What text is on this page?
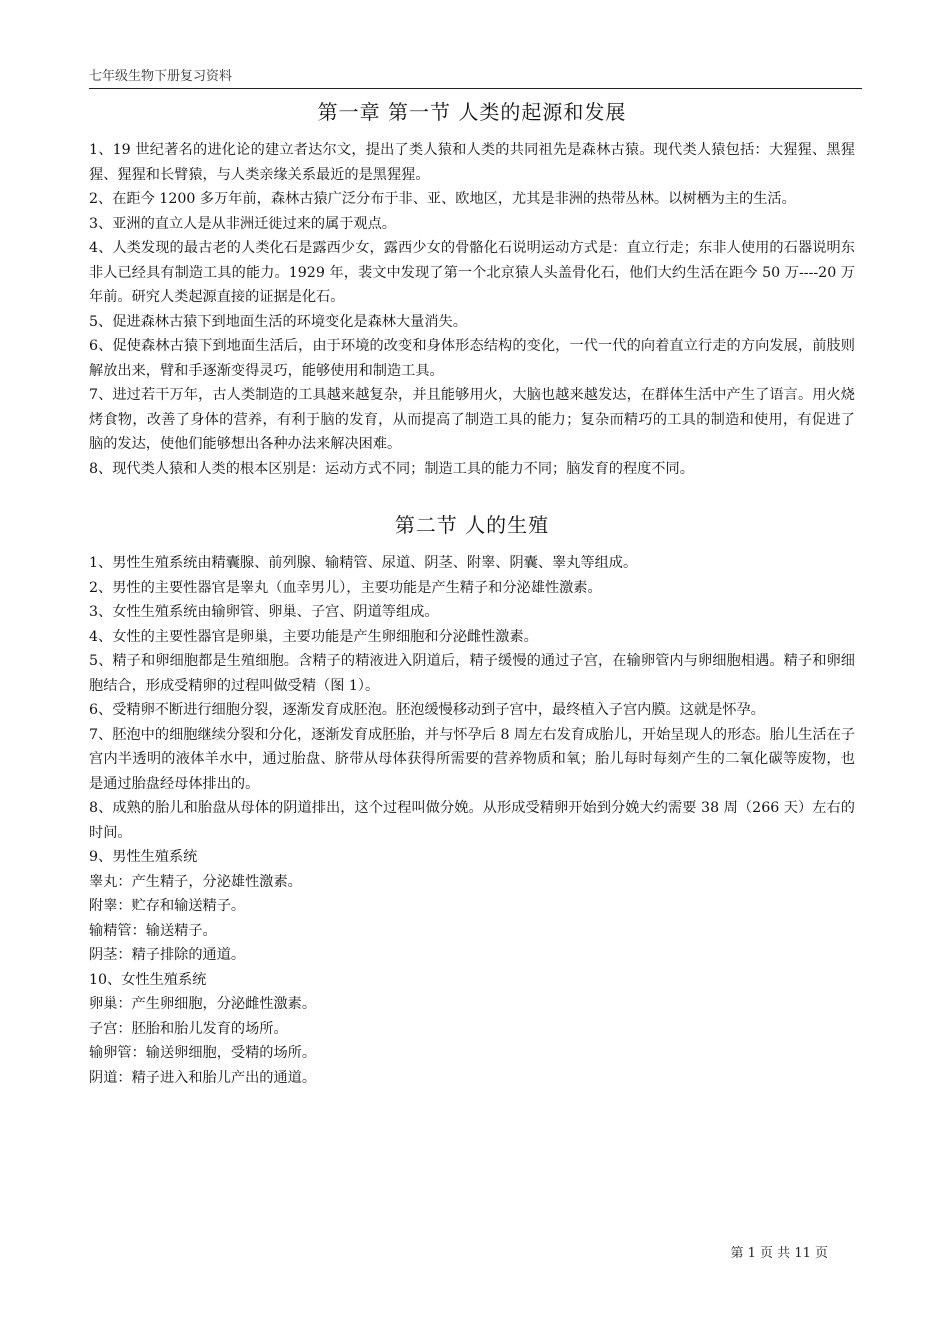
七年级生物下册复习资料
第一章 第一节 人类的起源和发展

1、19 世纪著名的进化论的建立者达尔文，提出了类人猿和人类的共同祖先是森林古猿。现代类人猿包括：大猩猩、黑猩猩、猩猩和长臂猿，与人类亲缘关系最近的是黑猩猩。

2、在距今 1200 多万年前，森林古猿广泛分布于非、亚、欧地区，尤其是非洲的热带丛林。以树栖为主的生活。

3、亚洲的直立人是从非洲迁徙过来的属于观点。

4、人类发现的最古老的人类化石是露西少女，露西少女的骨骼化石说明运动方式是：直立行走；东非人使用的石器说明东非人已经具有制造工具的能力。1929 年，裴文中发现了第一个北京猿人头盖骨化石，他们大约生活在距今 50 万----20 万年前。研究人类起源直接的证据是化石。

5、促进森林古猿下到地面生活的环境变化是森林大量消失。

6、促使森林古猿下到地面生活后，由于环境的改变和身体形态结构的变化，一代一代的向着直立行走的方向发展，前肢则解放出来，臂和手逐渐变得灵巧，能够使用和制造工具。

7、进过若干万年，古人类制造的工具越来越复杂，并且能够用火，大脑也越来越发达，在群体生活中产生了语言。用火烧烤食物，改善了身体的营养，有利于脑的发育，从而提高了制造工具的能力；复杂而精巧的工具的制造和使用，有促进了脑的发达，使他们能够想出各种办法来解决困难。

8、现代类人猿和人类的根本区别是：运动方式不同；制造工具的能力不同；脑发育的程度不同。

第二节 人的生殖

1、男性生殖系统由精囊腺、前列腺、输精管、尿道、阴茎、附睾、阴囊、睾丸等组成。

2、男性的主要性器官是睾丸（血幸男儿），主要功能是产生精子和分泌雄性激素。

3、女性生殖系统由输卵管、卵巢、子宫、阴道等组成。

4、女性的主要性器官是卵巢，主要功能是产生卵细胞和分泌雌性激素。

5、精子和卵细胞都是生殖细胞。含精子的精液进入阴道后，精子缓慢的通过子宫，在输卵管内与卵细胞相遇。精子和卵细胞结合，形成受精卵的过程叫做受精（图 1）。

6、受精卵不断进行细胞分裂，逐渐发育成胚泡。胚泡缓慢移动到子宫中，最终植入子宫内膜。这就是怀孕。

7、胚泡中的细胞继续分裂和分化，逐渐发育成胚胎，并与怀孕后 8 周左右发育成胎儿，开始呈现人的形态。胎儿生活在子宫内半透明的液体羊水中，通过胎盘、脐带从母体获得所需要的营养物质和氧；胎儿每时每刻产生的二氧化碳等废物，也是通过胎盘经母体排出的。

8、成熟的胎儿和胎盘从母体的阴道排出，这个过程叫做分娩。从形成受精卵开始到分娩大约需要 38 周（266 天）左右的时间。

9、男性生殖系统

睾丸：产生精子，分泌雄性激素。

附睾：贮存和输送精子。

输精管：输送精子。

阴茎：精子排除的通道。

10、女性生殖系统

卵巢：产生卵细胞，分泌雌性激素。

子宫：胚胎和胎儿发育的场所。

输卵管：输送卵细胞，受精的场所。

阴道：精子进入和胎儿产出的通道。

第 1 页 共 11 页
